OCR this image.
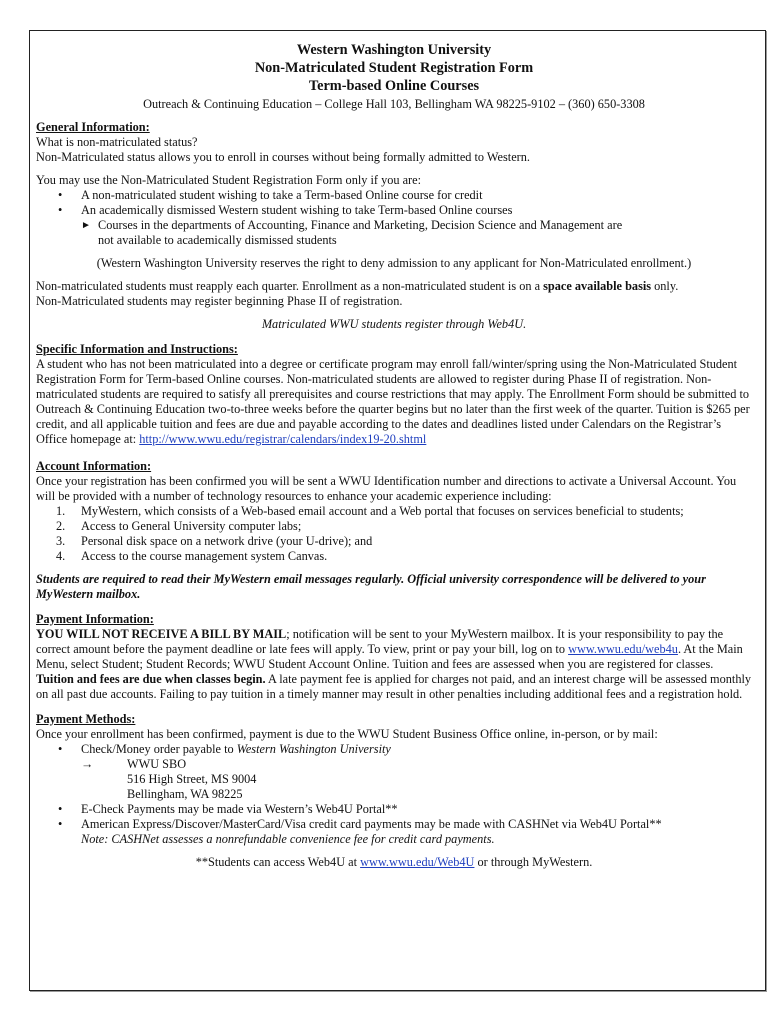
Western Washington University
Non-Matriculated Student Registration Form
Term-based Online Courses
Outreach & Continuing Education – College Hall 103, Bellingham WA 98225-9102 – (360) 650-3308
General Information:
What is non-matriculated status?
Non-Matriculated status allows you to enroll in courses without being formally admitted to Western.
You may use the Non-Matriculated Student Registration Form only if you are:
• A non-matriculated student wishing to take a Term-based Online course for credit
• An academically dismissed Western student wishing to take Term-based Online courses
► Courses in the departments of Accounting, Finance and Marketing, Decision Science and Management are
not available to academically dismissed students
(Western Washington University reserves the right to deny admission to any applicant for Non-Matriculated enrollment.)

Non-matriculated students must reapply each quarter. Enrollment as a non-matriculated student is on a space available basis only.

Non-Matriculated students may register beginning Phase II of registration.
Matriculated WWU students register through Web4U.
Specific Information and Instructions:

A student who has not been matriculated into a degree or certificate program may enroll fall/winter/spring using the Non-Matriculated Student Registration Form for Term-based Online courses. Non-matriculated students are allowed to register during Phase II of registration. Non-matriculated students are required to satisfy all prerequisites and course restrictions that may apply. The Enrollment Form should be submitted to Outreach & Continuing Education two-to-three weeks before the quarter begins but no later than the first week of the quarter. Tuition is $265 per credit, and all applicable tuition and fees are due and payable according to the dates and deadlines listed under Calendars on the Registrar’s Office homepage at: http://www.wwu.edu/registrar/calendars/index19-20.shtml

Account Information:

Once your registration has been confirmed you will be sent a WWU Identification number and directions to activate a Universal Account. You will be provided with a number of technology resources to enhance your academic experience including:

1. MyWestern, which consists of a Web-based email account and a Web portal that focuses on services beneficial to students;
2. Access to General University computer labs;
3. Personal disk space on a network drive (your U-drive); and
4. Access to the course management system Canvas.

Students are required to read their MyWestern email messages regularly. Official university correspondence will be delivered to your MyWestern mailbox.

Payment Information:

YOU WILL NOT RECEIVE A BILL BY MAIL; notification will be sent to your MyWestern mailbox. It is your responsibility to pay the correct amount before the payment deadline or late fees will apply. To view, print or pay your bill, log on to www.wwu.edu/web4u. At the Main Menu, select Student; Student Records; WWU Student Account Online. Tuition and fees are assessed when you are registered for classes. Tuition and fees are due when classes begin. A late payment fee is applied for charges not paid, and an interest charge will be assessed monthly on all past due accounts. Failing to pay tuition in a timely manner may result in other penalties including additional fees and a registration hold.

Payment Methods:
Once your enrollment has been confirmed, payment is due to the WWU Student Business Office online, in-person, or by mail:
• Check/Money order payable to Western Washington University
→	WWU SBO
516 High Street, MS 9004
Bellingham, WA 98225
• E-Check Payments may be made via Western’s Web4U Portal**
• American Express/Discover/MasterCard/Visa credit card payments may be made with CASHNet via Web4U Portal**
Note: CASHNet assesses a nonrefundable convenience fee for credit card payments.
**Students can access Web4U at www.wwu.edu/Web4U or through MyWestern.
